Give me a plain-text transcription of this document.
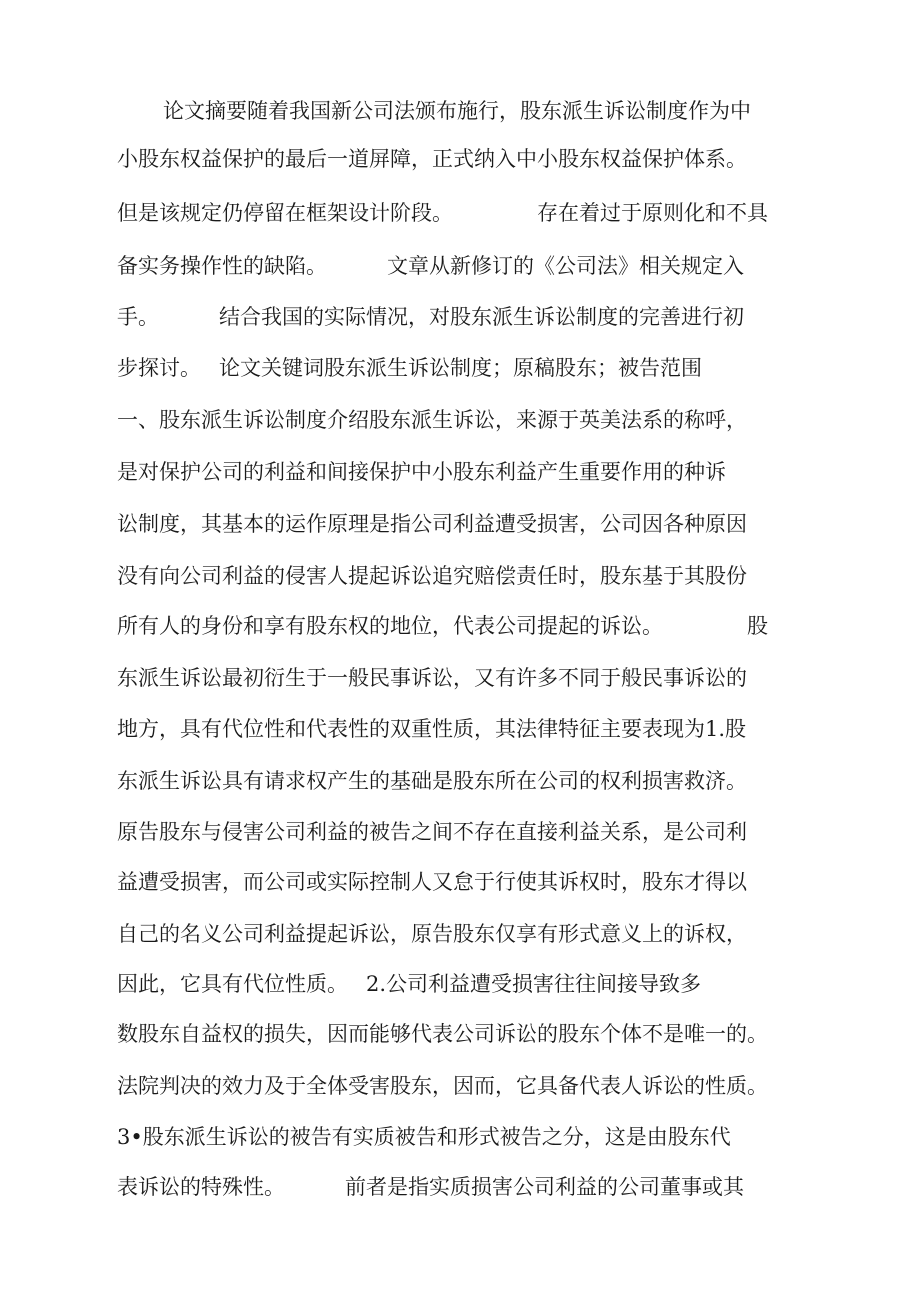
论文摘要随着我国新公司法颁布施行，股东派生诉讼制度作为中
小股东权益保护的最后一道屏障，正式纳入中小股东权益保护体系。
但是该规定仍停留在框架设计阶段。	存在着过于原则化和不具
备实务操作性的缺陷。	文章从新修订的《公司法》相关规定入
手。	结合我国的实际情况，对股东派生诉讼制度的完善进行初
步探讨。 论文关键词股东派生诉讼制度；原稿股东；被告范围
一、股东派生诉讼制度介绍股东派生诉讼，来源于英美法系的称呼，
是对保护公司的利益和间接保护中小股东利益产生重要作用的种诉
讼制度，其基本的运作原理是指公司利益遭受损害，公司因各种原因
没有向公司利益的侵害人提起诉讼追究赔偿责任时，股东基于其股份
所有人的身份和享有股东权的地位，代表公司提起的诉讼。	股
东派生诉讼最初衍生于一般民事诉讼，又有许多不同于般民事诉讼的
地方，具有代位性和代表性的双重性质，其法律特征主要表现为1.股
东派生诉讼具有请求权产生的基础是股东所在公司的权利损害救济。
原告股东与侵害公司利益的被告之间不存在直接利益关系，是公司利
益遭受损害，而公司或实际控制人又怠于行使其诉权时，股东才得以
自己的名义公司利益提起诉讼，原告股东仅享有形式意义上的诉权，
因此，它具有代位性质。 2.公司利益遭受损害往往间接导致多
数股东自益权的损失，因而能够代表公司诉讼的股东个体不是唯一的。
法院判决的效力及于全体受害股东，因而，它具备代表人诉讼的性质。
3•股东派生诉讼的被告有实质被告和形式被告之分，这是由股东代
表诉讼的特殊性。	前者是指实质损害公司利益的公司董事或其
